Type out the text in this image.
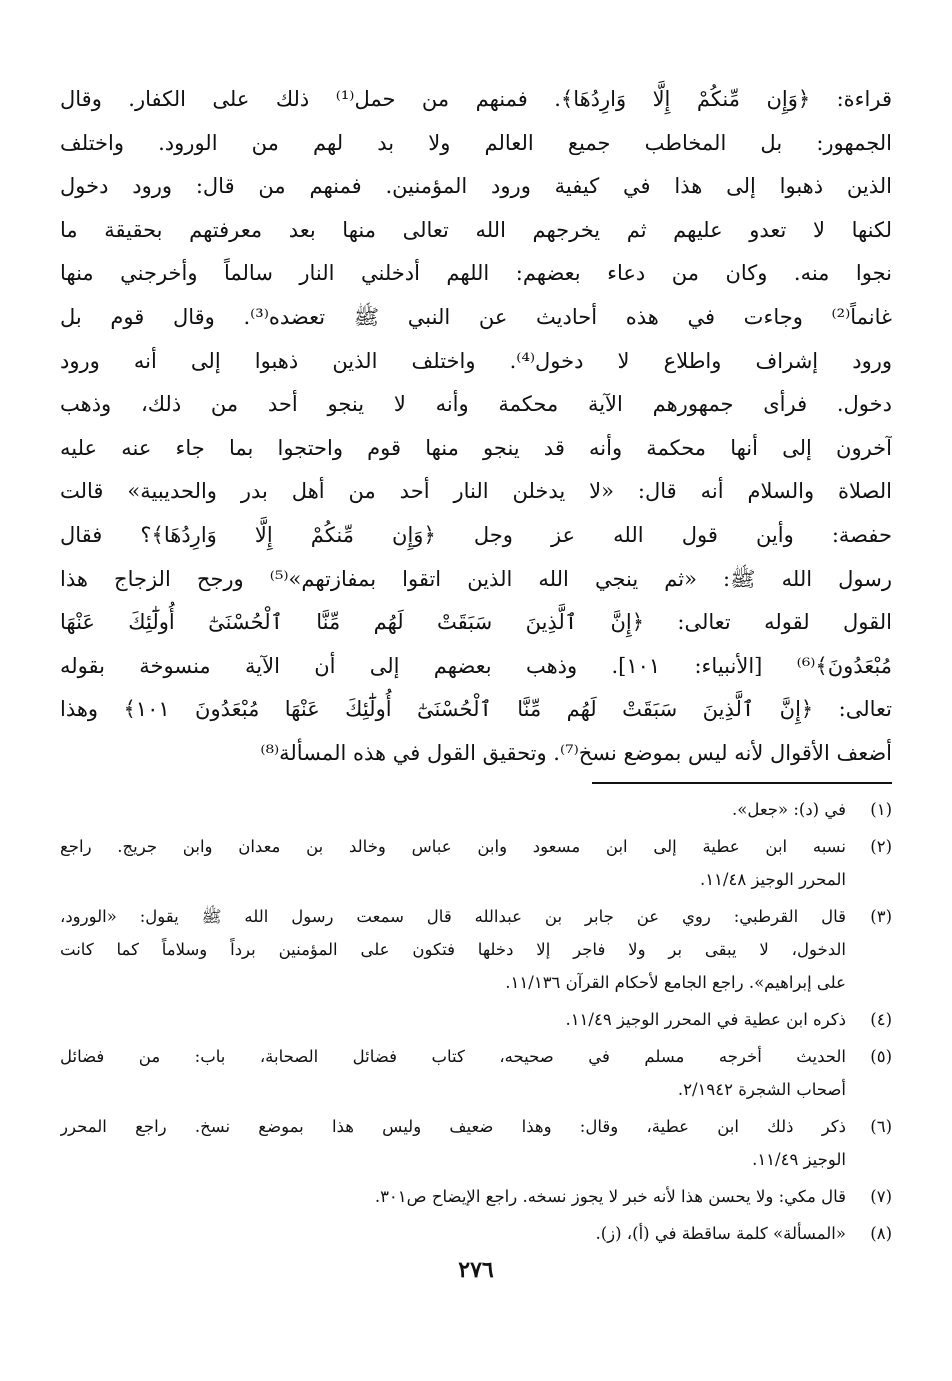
قراءة: ﴿وَإِن مِّنكُمْ إِلَّا وَارِدُهَا﴾. فمنهم من حمل⁽¹⁾ ذلك على الكفار. وقال
الجمهور: بل المخاطب جميع العالم ولا بد لهم من الورود. واختلف
الذين ذهبوا إلى هذا في كيفية ورود المؤمنين. فمنهم من قال: ورود دخول
لكنها لا تعدو عليهم ثم يخرجهم الله تعالى منها بعد معرفتهم بحقيقة ما
نجوا منه. وكان من دعاء بعضهم: اللهم أدخلني النار سالماً وأخرجني منها
غانماً⁽²⁾ وجاءت في هذه أحاديث عن النبي ﷺ تعضده⁽³⁾. وقال قوم بل
ورود إشراف واطلاع لا دخول⁽⁴⁾. واختلف الذين ذهبوا إلى أنه ورود
دخول. فرأى جمهورهم الآية محكمة وأنه لا ينجو أحد من ذلك، وذهب
آخرون إلى أنها محكمة وأنه قد ينجو منها قوم واحتجوا بما جاء عنه عليه
الصلاة والسلام أنه قال: «لا يدخلن النار أحد من أهل بدر والحديبية» قالت
حفصة: وأين قول الله عز وجل ﴿وَإِن مِّنكُمْ إِلَّا وَارِدُهَا﴾؟ فقال
رسول الله ﷺ: «ثم ينجي الله الذين اتقوا بمفازتهم»⁽⁵⁾ ورجح الزجاج هذا
القول لقوله تعالى: ﴿إِنَّ ٱلَّذِينَ سَبَقَتْ لَهُم مِّنَّا ٱلْحُسْنَىٰٓ أُولَٰٓئِكَ عَنْهَا
مُبْعَدُونَ﴾⁽⁶⁾ [الأنبياء: ١٠١]. وذهب بعضهم إلى أن الآية منسوخة بقوله
تعالى: ﴿إِنَّ ٱلَّذِينَ سَبَقَتْ لَهُم مِّنَّا ٱلْحُسْنَىٰٓ أُولَٰٓئِكَ عَنْهَا مُبْعَدُونَ ١٠١﴾ وهذا
أضعف الأقوال لأنه ليس بموضع نسخ⁽⁷⁾. وتحقيق القول في هذه المسألة⁽⁸⁾
(١)
في (د): «جعل».
(٢)
نسبه ابن عطية إلى ابن مسعود وابن عباس وخالد بن معدان وابن جريج. راجع
المحرر الوجيز ١١/٤٨.
(٣)
قال القرطبي: روي عن جابر بن عبدالله قال سمعت رسول الله ﷺ يقول: «الورود،
الدخول، لا يبقى بر ولا فاجر إلا دخلها فتكون على المؤمنين برداً وسلاماً كما كانت
على إبراهيم». راجع الجامع لأحكام القرآن ١١/١٣٦.
(٤)
ذكره ابن عطية في المحرر الوجيز ١١/٤٩.
(٥)
الحديث أخرجه مسلم في صحيحه، كتاب فضائل الصحابة، باب: من فضائل
أصحاب الشجرة ٢/١٩٤٢.
(٦)
ذكر ذلك ابن عطية، وقال: وهذا ضعيف وليس هذا بموضع نسخ. راجع المحرر
الوجيز ١١/٤٩.
(٧)
قال مكي: ولا يحسن هذا لأنه خبر لا يجوز نسخه. راجع الإيضاح ص٣٠١.
(٨)
«المسألة» كلمة ساقطة في (أ)، (ز).
٢٧٦
